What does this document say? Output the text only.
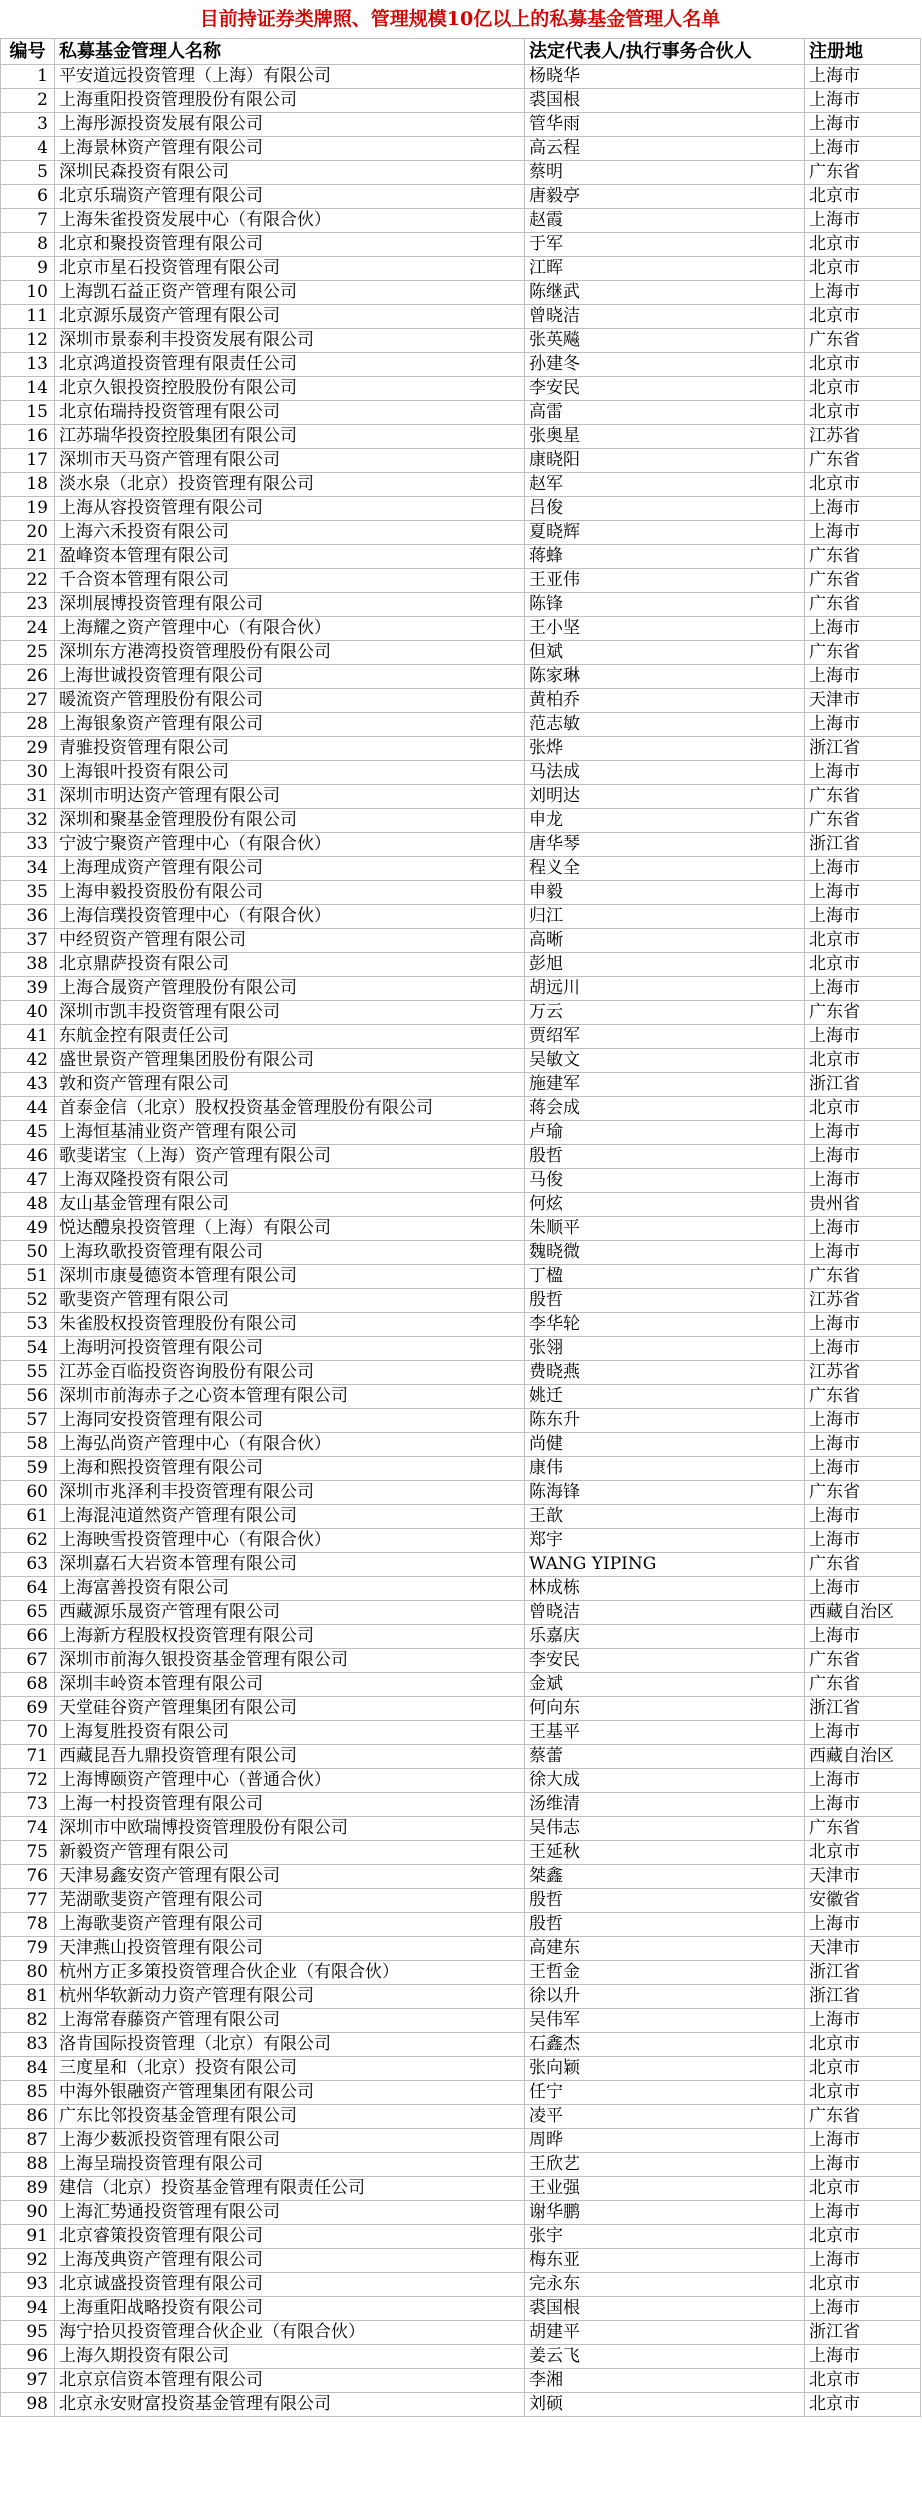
目前持证券类牌照、管理规模10亿以上的私募基金管理人名单
编号	私募基金管理人名称	法定代表人/执行事务合伙人	注册地
1	平安道远投资管理（上海）有限公司	杨晓华	上海市
2	上海重阳投资管理股份有限公司	裘国根	上海市
3	上海彤源投资发展有限公司	管华雨	上海市
4	上海景林资产管理有限公司	高云程	上海市
5	深圳民森投资有限公司	蔡明	广东省
6	北京乐瑞资产管理有限公司	唐毅亭	北京市
7	上海朱雀投资发展中心（有限合伙）	赵霞	上海市
8	北京和聚投资管理有限公司	于军	北京市
9	北京市星石投资管理有限公司	江晖	北京市
10	上海凯石益正资产管理有限公司	陈继武	上海市
11	北京源乐晟资产管理有限公司	曾晓洁	北京市
12	深圳市景泰利丰投资发展有限公司	张英飚	广东省
13	北京鸿道投资管理有限责任公司	孙建冬	北京市
14	北京久银投资控股股份有限公司	李安民	北京市
15	北京佑瑞持投资管理有限公司	高雷	北京市
16	江苏瑞华投资控股集团有限公司	张奥星	江苏省
17	深圳市天马资产管理有限公司	康晓阳	广东省
18	淡水泉（北京）投资管理有限公司	赵军	北京市
19	上海从容投资管理有限公司	吕俊	上海市
20	上海六禾投资有限公司	夏晓辉	上海市
21	盈峰资本管理有限公司	蒋蜂	广东省
22	千合资本管理有限公司	王亚伟	广东省
23	深圳展博投资管理有限公司	陈锋	广东省
24	上海耀之资产管理中心（有限合伙）	王小坚	上海市
25	深圳东方港湾投资管理股份有限公司	但斌	广东省
26	上海世诚投资管理有限公司	陈家琳	上海市
27	暖流资产管理股份有限公司	黄柏乔	天津市
28	上海银象资产管理有限公司	范志敏	上海市
29	青骓投资管理有限公司	张烨	浙江省
30	上海银叶投资有限公司	马法成	上海市
31	深圳市明达资产管理有限公司	刘明达	广东省
32	深圳和聚基金管理股份有限公司	申龙	广东省
33	宁波宁聚资产管理中心（有限合伙）	唐华琴	浙江省
34	上海理成资产管理有限公司	程义全	上海市
35	上海申毅投资股份有限公司	申毅	上海市
36	上海信璞投资管理中心（有限合伙）	归江	上海市
37	中经贸资产管理有限公司	高晰	北京市
38	北京鼎萨投资有限公司	彭旭	北京市
39	上海合晟资产管理股份有限公司	胡远川	上海市
40	深圳市凯丰投资管理有限公司	万云	广东省
41	东航金控有限责任公司	贾绍军	上海市
42	盛世景资产管理集团股份有限公司	吴敏文	北京市
43	敦和资产管理有限公司	施建军	浙江省
44	首泰金信（北京）股权投资基金管理股份有限公司	蒋会成	北京市
45	上海恒基浦业资产管理有限公司	卢瑜	上海市
46	歌斐诺宝（上海）资产管理有限公司	殷哲	上海市
47	上海双隆投资有限公司	马俊	上海市
48	友山基金管理有限公司	何炫	贵州省
49	悦达醴泉投资管理（上海）有限公司	朱顺平	上海市
50	上海玖歌投资管理有限公司	魏晓微	上海市
51	深圳市康曼德资本管理有限公司	丁楹	广东省
52	歌斐资产管理有限公司	殷哲	江苏省
53	朱雀股权投资管理股份有限公司	李华轮	上海市
54	上海明河投资管理有限公司	张翎	上海市
55	江苏金百临投资咨询股份有限公司	费晓燕	江苏省
56	深圳市前海赤子之心资本管理有限公司	姚迁	广东省
57	上海同安投资管理有限公司	陈东升	上海市
58	上海弘尚资产管理中心（有限合伙）	尚健	上海市
59	上海和熙投资管理有限公司	康伟	上海市
60	深圳市兆泽利丰投资管理有限公司	陈海锋	广东省
61	上海混沌道然资产管理有限公司	王歆	上海市
62	上海映雪投资管理中心（有限合伙）	郑宇	上海市
63	深圳嘉石大岩资本管理有限公司	WANG YIPING	广东省
64	上海富善投资有限公司	林成栋	上海市
65	西藏源乐晟资产管理有限公司	曾晓洁	西藏自治区
66	上海新方程股权投资管理有限公司	乐嘉庆	上海市
67	深圳市前海久银投资基金管理有限公司	李安民	广东省
68	深圳丰岭资本管理有限公司	金斌	广东省
69	天堂硅谷资产管理集团有限公司	何向东	浙江省
70	上海复胜投资有限公司	王基平	上海市
71	西藏昆吾九鼎投资管理有限公司	蔡蕾	西藏自治区
72	上海博颐资产管理中心（普通合伙）	徐大成	上海市
73	上海一村投资管理有限公司	汤维清	上海市
74	深圳市中欧瑞博投资管理股份有限公司	吴伟志	广东省
75	新毅资产管理有限公司	王延秋	北京市
76	天津易鑫安资产管理有限公司	桀鑫	天津市
77	芜湖歌斐资产管理有限公司	殷哲	安徽省
78	上海歌斐资产管理有限公司	殷哲	上海市
79	天津燕山投资管理有限公司	高建东	天津市
80	杭州方正多策投资管理合伙企业（有限合伙）	王哲金	浙江省
81	杭州华软新动力资产管理有限公司	徐以升	浙江省
82	上海常春藤资产管理有限公司	吴伟军	上海市
83	洛肯国际投资管理（北京）有限公司	石鑫杰	北京市
84	三度星和（北京）投资有限公司	张向颖	北京市
85	中海外银融资产管理集团有限公司	任宁	北京市
86	广东比邻投资基金管理有限公司	凌平	广东省
87	上海少薮派投资管理有限公司	周晔	上海市
88	上海呈瑞投资管理有限公司	王欣艺	上海市
89	建信（北京）投资基金管理有限责任公司	王业强	北京市
90	上海汇势通投资管理有限公司	谢华鹏	上海市
91	北京睿策投资管理有限公司	张宇	北京市
92	上海茂典资产管理有限公司	梅东亚	上海市
93	北京诚盛投资管理有限公司	完永东	北京市
94	上海重阳战略投资有限公司	裘国根	上海市
95	海宁拾贝投资管理合伙企业（有限合伙）	胡建平	浙江省
96	上海久期投资有限公司	姜云飞	上海市
97	北京京信资本管理有限公司	李湘	北京市
98	北京永安财富投资基金管理有限公司	刘硕	北京市
